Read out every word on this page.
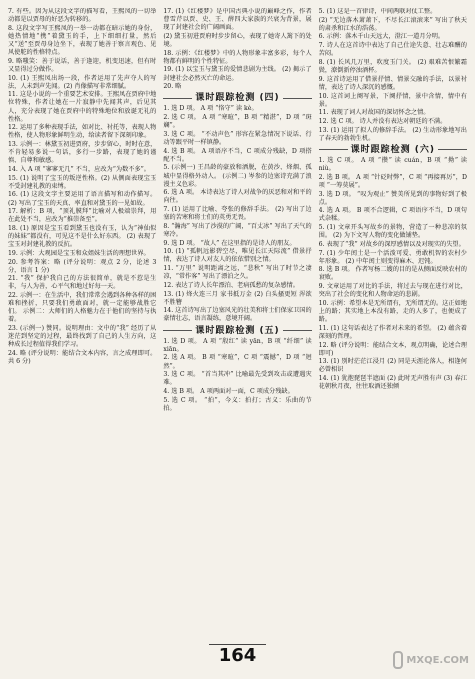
7. 有些。因为从这段文字的描写看，王熙凤的一切举动都是以贾母的好恶为转移的。

8. 这段文字写王熙凤的一举一动都在暗示她的身份，她热情地“携”着黛玉的手，上下细细打量，然后又“送”至贾母身边坐下，表现了她善于察言观色、见风使舵的性格特点。

9. 略嗤笑：善于说话，善于逢迎，机变迅速，但有时又显得过分做作。

10. (1) 王熙凤出场一段，作者运用了先声夺人的写法，人未到声先闻。(2) 肖像描写非常细腻。

11. 这是小说的一个重要艺术安排。王熙凤在贾府中地位特殊，作者让她在一片寂静中先闻其声，后见其人，充分表现了她在贾府中的特殊地位和放诞无礼的性格。

12. 运用了多种表现手法，如对比、衬托等，表现人物性格，使人物形象鲜明生动，给读者留下深刻印象。

13. 示例一：林黛玉初进贾府，步步留心，时时在意，不肯轻易多说一句话，多行一步路，表现了她的谨慎、自尊和敏感。

14. 入 A 项 “寥寥无几” 不当，应改为“为数不多”。

15. (1) 说明了宝玉的叛逆性格。(2) 从侧面表现宝玉不受封建礼教的束缚。

16. (1) 这段文字主要运用了语言描写和动作描写。 (2) 写出了宝玉的天真、率直和对黛玉的一见如故。

17. 解析：B 项，“顶礼膜拜”比喻对人极端崇拜，用在此处不当，应改为“推崇备至”。

18. (1) 原因是宝玉看到黛玉也没有玉，认为“神仙似的妹妹”都没有，可见这不是什么好东西。 (2) 表现了宝玉对封建礼教的反抗。

19. 示例：大观园是宝玉和众姐妹生活的理想世界。

20. 参考答案：略 (评分说明：观点 2 分，论述 3 分，语言 1 分)

21. “我” 保护我自己的方法很简单，就是不惹是生非，与人为善，心平气和地过好每一天。

22. 示例一：在生活中，我们常常会遇到各种各样的困难和挫折，只要我们勇敢面对，就一定能够战胜它们。 示例二：大师们的人格魅力在于他们的坚持与执着。

23. (示例一) 赞同。说明理由：文中的“我” 经历了从迷茫到坚定的过程，最终找到了自己的人生方向，这种成长过程值得我们学习。

24. 略 (评分说明：能结合文本内容，言之成理即可。共 6 分)

17. (1)《红楼梦》是中国古典小说的巅峰之作，作者曹雪芹以贾、史、王、薛四大家族的兴衰为背景，展现了封建社会的广阔画面。

(2) 黛玉初进贾府时步步留心，表现了她寄人篱下的处境。

18. 示例：《红楼梦》中的人物形象丰富多彩，每个人物都有鲜明的个性特征。

19. (1) 以宝玉与黛玉的爱情悲剧为主线。 (2) 揭示了封建社会必然灭亡的命运。

20. 略

课时跟踪检测 (四)

1. 选 D 项。 A 项 “恪守” 读 kè。

2. 选 C 项。 A 项 “寒暄”，B 项 “精湛”，D 项 “斑斓”。

3. 选 C 项。 “不动声色” 形容在紧急情况下说话、行动等跟平时一样镇静。

4. 选 B 项。 A 项语序不当，C 项成分残缺，D 项搭配不当。

5. (示例一) 王昌龄的豪放和洒脱，在黄沙、烽烟、孤城中显得格外动人。 (示例二) 岑参的边塞诗充满了浪漫主义色彩。

6. 选 A 项。 本诗表达了诗人对战争的厌恶和对和平的向往。

7. (1) 运用了比喻、夸张的修辞手法。 (2) 写出了边塞的苦寒和将士们的英勇无畏。

8. “瀚海” 写出了沙漠的广阔，“百丈冰” 写出了天气的寒冷。

9. 选 D 项。 “故人” 在这里指的是诗人的朋友。

10. (1) “孤帆远影碧空尽，唯见长江天际流” 借景抒情，表达了诗人对友人的依依惜别之情。

11. “万里” 说明距离之远，“悲秋” 写出了时节之凄凉，“常作客” 写出了漂泊之久。

12. 表达了诗人长年漂泊、老病孤愁的复杂感情。

13. (1) 烽火连三月 家书抵万金 (2) 白头搔更短 浑欲不胜簪

14. 这首诗写出了边塞风光的壮美和将士们保家卫国的豪情壮志，语言凝练，意境开阔。

课时跟踪检测 (五)

1. 选 D 项。 A 项 “殷红” 读 yān，B 项 “纤细” 读 xiān。

2. 选 A 项。 B 项 “寒暄”，C 项 “震撼”，D 项 “迥然”。

3. 选 C 项。 “首当其冲” 比喻最先受到攻击或遭遇灾难。

4. 选 B 项。 A 项两面对一面，C 项成分残缺。

5. 选 C 项。 “拍”，今义：拍打；古义：乐曲的节拍。

5. (1) 这是一首律诗，中间两联对仗工整。

(2) “无边落木萧萧下，不尽长江滚滚来” 写出了秋天的肃杀和江水的浩荡。

6. 示例：落木千山天远大，澄江一道月分明。

7. 诗人在这首诗中表达了自己仕途失意、壮志难酬的苦闷。

8. (1) 长风几万里，吹度玉门关。 (2) 艰难苦恨繁霜鬓，潦倒新停浊酒杯。

9. 这首诗运用了借景抒情、情景交融的手法，以景衬情，表达了诗人深沉的感慨。

10. 这首词上阕写景，下阕抒情，景中含情，情中有景。

11. 表现了词人对故国的深切怀念之情。

12. 选 C 项。 诗人并没有表达对朝廷的不满。

13. (1) 运用了拟人的修辞手法。 (2) 生动形象地写出了春天的勃勃生机。

课时跟踪检测 (六)

1. 选 C 项。 A 项 “攒” 读 cuán，B 项 “拗” 读 niù。

2. 选 B 项。 A 项 “针砭时弊”，C 项 “再接再厉”，D 项 “一筹莫展”。

3. 选 D 项。 “叹为观止” 赞美所见到的事物好到了极点。

4. 选 A 项。 B 项不合逻辑，C 项语序不当，D 项句式杂糅。

5. (1) 文章开头写故乡的景物，营造了一种悲凉的氛围。 (2) 为下文写人物的变化做铺垫。

6. 表现了“我” 对故乡的深厚感情以及对现实的失望。

7. (1) 少年闰土是一个活泼可爱、勇敢机智的农村少年形象。 (2) 中年闰土则变得麻木、迟钝。

8. 选 B 项。 作者写杨二嫂的目的是从侧面反映农村的衰败。

9. 文章运用了对比的手法，将过去与现在进行对比，突出了社会的变化和人物命运的悲剧。

10. 示例：希望本是无所谓有，无所谓无的。这正如地上的路；其实地上本没有路，走的人多了，也便成了路。

11. (1) 这句话表达了作者对未来的希望。 (2) 蕴含着深刻的哲理。

12. 略 (评分说明：能结合文本，观点明确，论述合理即可)

13. (1) 别时茫茫江浸月 (2) 同是天涯沦落人，相逢何必曾相识

14. (1) 犹抱琵琶半遮面 (2) 此时无声胜有声 (3) 春江花朝秋月夜，往往取酒还独倾

164	MXQE.COM
